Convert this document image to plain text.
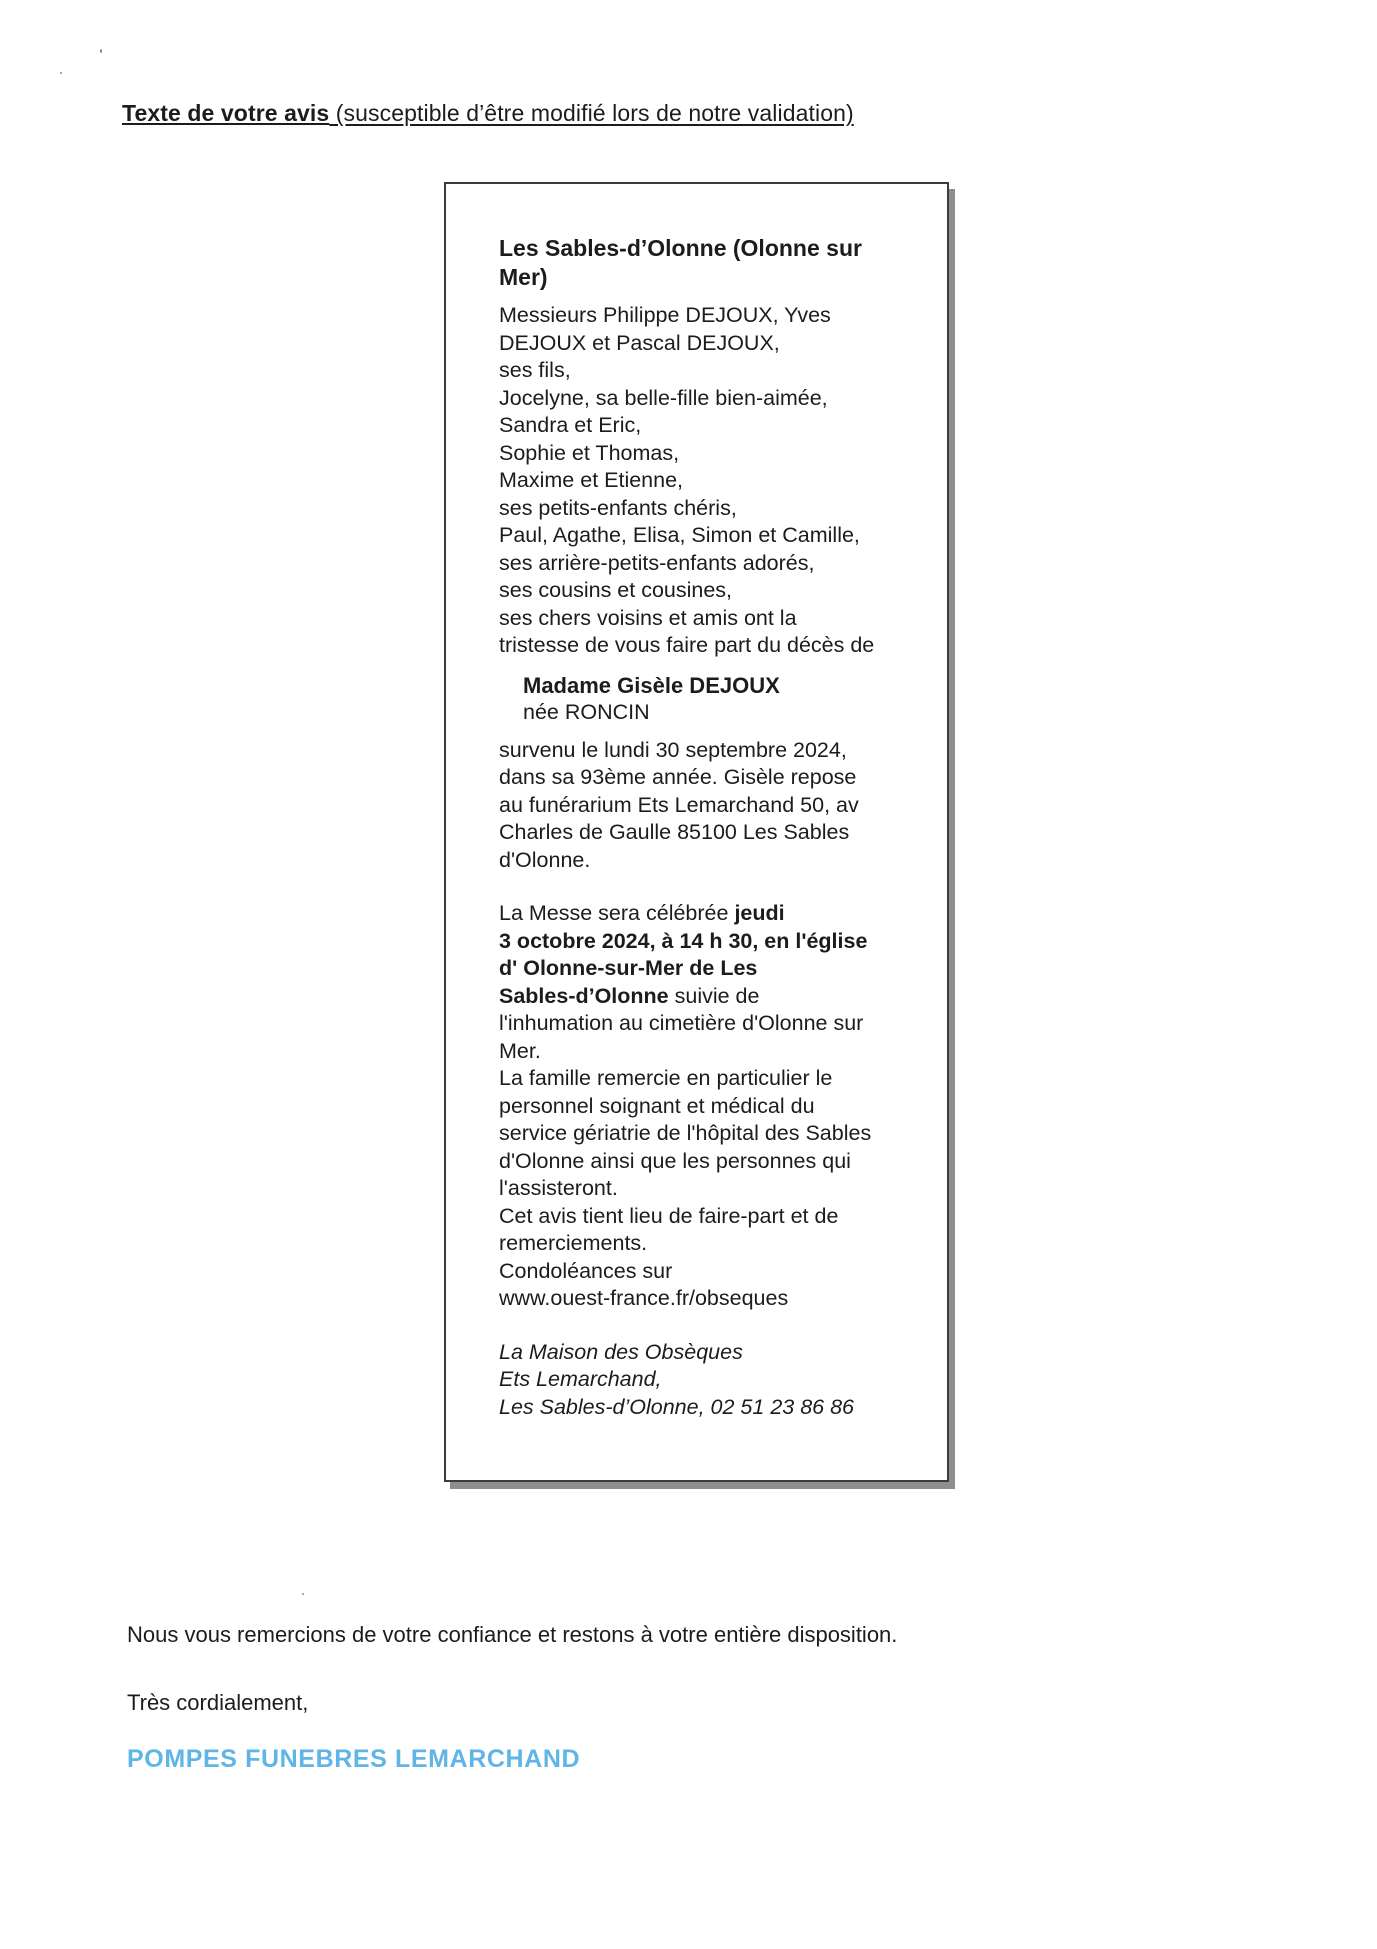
Texte de votre avis (susceptible d’être modifié lors de notre validation)
Les Sables-d’Olonne (Olonne sur
Mer)
Messieurs Philippe DEJOUX, Yves
DEJOUX et Pascal DEJOUX,
ses fils,
Jocelyne, sa belle-fille bien-aimée,
Sandra et Eric,
Sophie et Thomas,
Maxime et Etienne,
ses petits-enfants chéris,
Paul, Agathe, Elisa, Simon et Camille,
ses arrière-petits-enfants adorés,
ses cousins et cousines,
ses chers voisins et amis ont la
tristesse de vous faire part du décès de
Madame Gisèle DEJOUX
née RONCIN
survenu le lundi 30 septembre 2024,
dans sa 93ème année. Gisèle repose
au funérarium Ets Lemarchand 50, av
Charles de Gaulle 85100 Les Sables
d'Olonne.
La Messe sera célébrée jeudi
3 octobre 2024, à 14 h 30, en l'église
d' Olonne-sur-Mer de Les
Sables-d’Olonne suivie de
l'inhumation au cimetière d'Olonne sur
Mer.
La famille remercie en particulier le
personnel soignant et médical du
service gériatrie de l'hôpital des Sables
d'Olonne ainsi que les personnes qui
l'assisteront.
Cet avis tient lieu de faire-part et de
remerciements.
Condoléances sur
www.ouest-france.fr/obseques
La Maison des Obsèques
Ets Lemarchand,
Les Sables-d’Olonne, 02 51 23 86 86
Nous vous remercions de votre confiance et restons à votre entière disposition.
Très cordialement,
POMPES FUNEBRES LEMARCHAND
